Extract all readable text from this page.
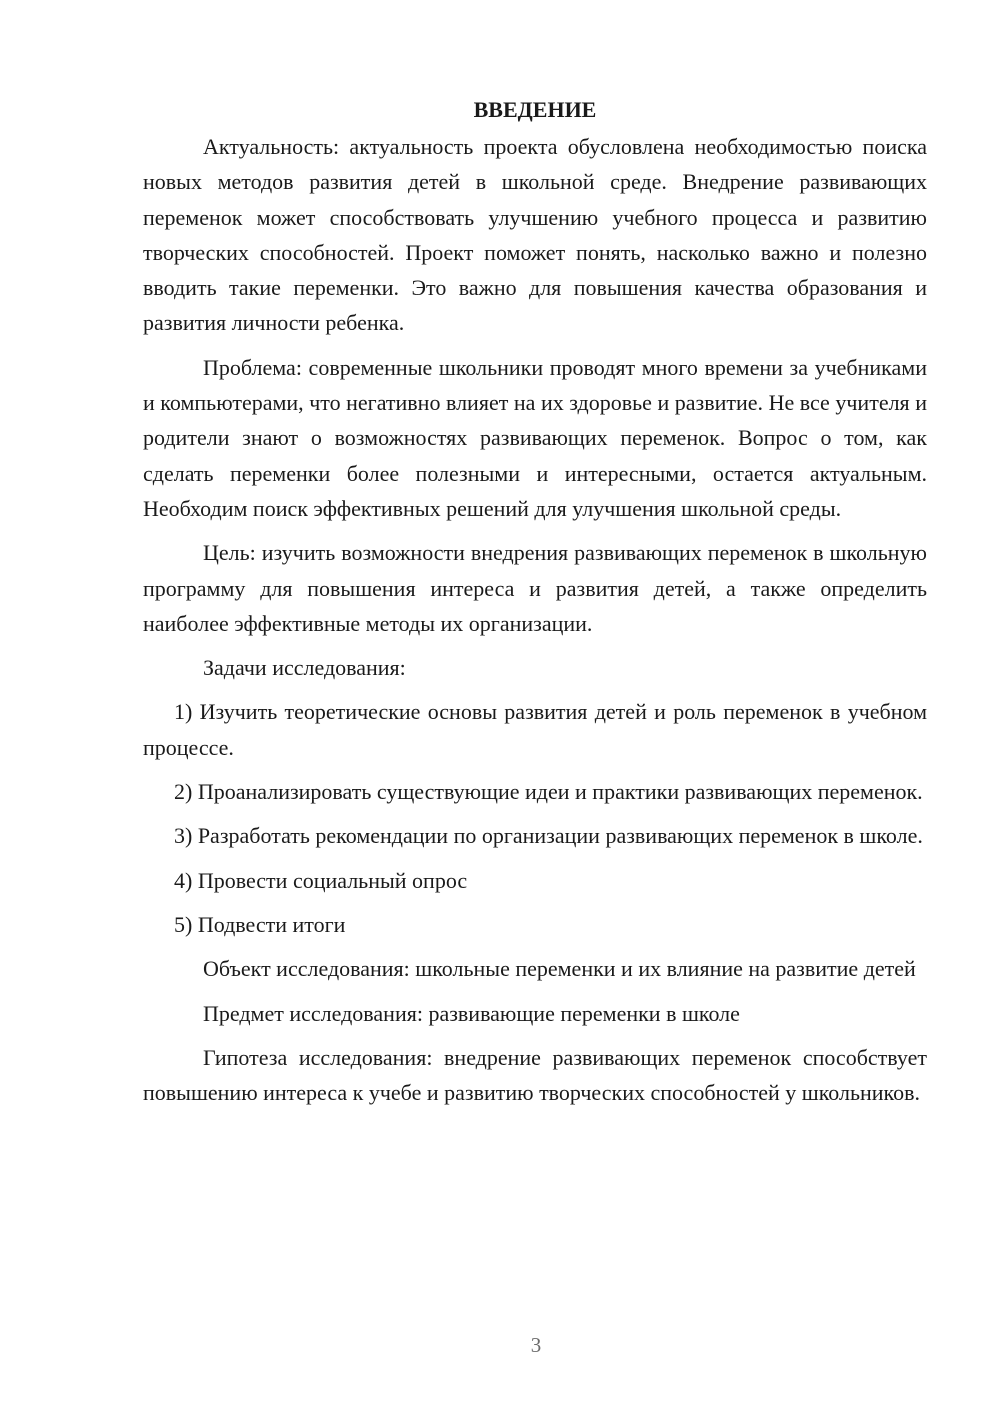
ВВЕДЕНИЕ

Актуальность: актуальность проекта обусловлена необходимостью поиска новых методов развития детей в школьной среде. Внедрение развивающих переменок может способствовать улучшению учебного процесса и развитию творческих способностей. Проект поможет понять, насколько важно и полезно вводить такие переменки. Это важно для повышения качества образования и развития личности ребенка.

Проблема: современные школьники проводят много времени за учебниками и компьютерами, что негативно влияет на их здоровье и развитие. Не все учителя и родители знают о возможностях развивающих переменок. Вопрос о том, как сделать переменки более полезными и интересными, остается актуальным. Необходим поиск эффективных решений для улучшения школьной среды.

Цель: изучить возможности внедрения развивающих переменок в школьную программу для повышения интереса и развития детей, а также определить наиболее эффективные методы их организации.

Задачи исследования:

1) Изучить теоретические основы развития детей и роль переменок в учебном процессе.

2) Проанализировать существующие идеи и практики развивающих переменок.

3) Разработать рекомендации по организации развивающих переменок в школе.

4) Провести социальный опрос

5) Подвести итоги

Объект исследования: школьные переменки и их влияние на развитие детей

Предмет исследования: развивающие переменки в школе

Гипотеза исследования: внедрение развивающих переменок способствует повышению интереса к учебе и развитию творческих способностей у школьников.

3
